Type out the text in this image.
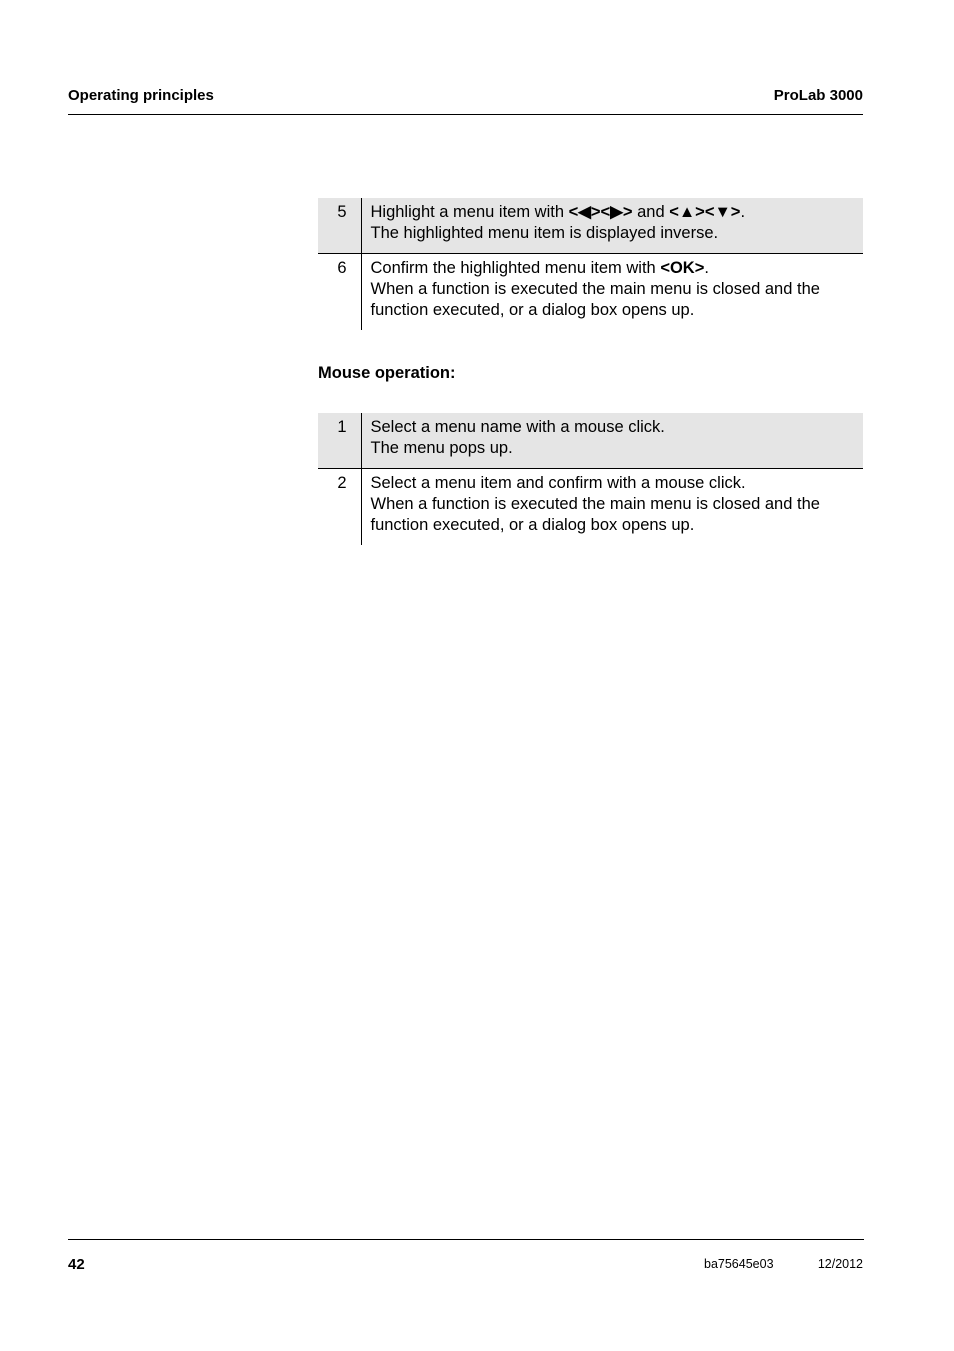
Operating principles	ProLab 3000
5	Highlight a menu item with <◀><▶> and <▲><▼>.
The highlighted menu item is displayed inverse.
6	Confirm the highlighted menu item with <OK>.
When a function is executed the main menu is closed and the function executed, or a dialog box opens up.
Mouse operation:
1	Select a menu name with a mouse click.
The menu pops up.
2	Select a menu item and confirm with a mouse click.
When a function is executed the main menu is closed and the function executed, or a dialog box opens up.
42	ba75645e03	12/2012
